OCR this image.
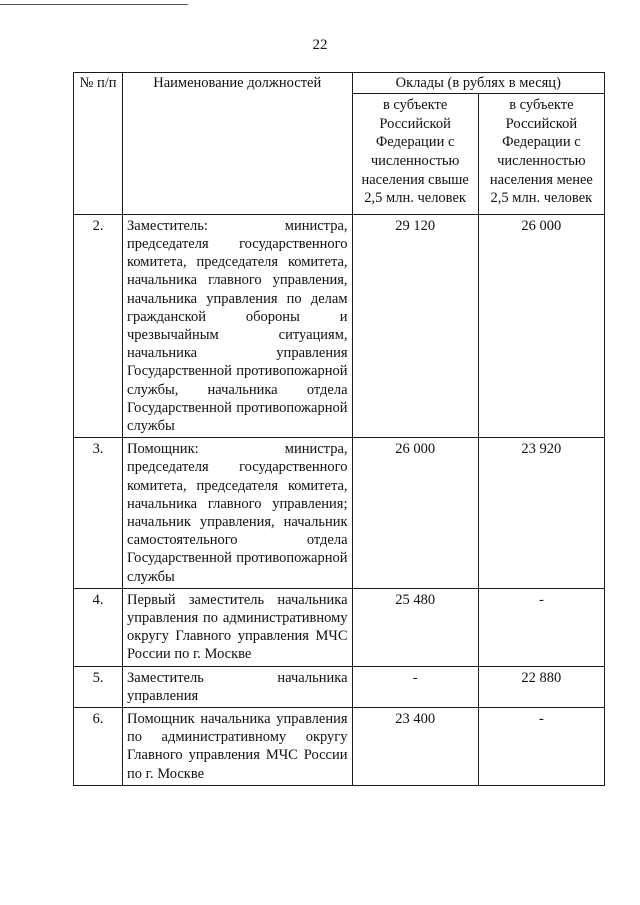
22
№ п/п	Наименование должностей	Оклады (в рублях в месяц)	
		в субъекте Российской Федерации с численностью населения свыше 2,5 млн. человек	в субъекте Российской Федерации с численностью населения менее 2,5 млн. человек
2.	Заместитель: министра, председателя государственного комитета, председателя комитета, начальника главного управления, начальника управления по делам гражданской обороны и чрезвычайным ситуациям, начальника управления Государственной противопожарной службы, начальника отдела Государственной противопожарной службы	29 120	26 000
3.	Помощник: министра, председателя государственного комитета, председателя комитета, начальника главного управления; начальник управления, начальник самостоятельного отдела Государственной противопожарной службы	26 000	23 920
4.	Первый заместитель начальника управления по административному округу Главного управления МЧС России по г. Москве	25 480	-
5.	Заместитель начальника управления	-	22 880
6.	Помощник начальника управления по административному округу Главного управления МЧС России по г. Москве	23 400	-
